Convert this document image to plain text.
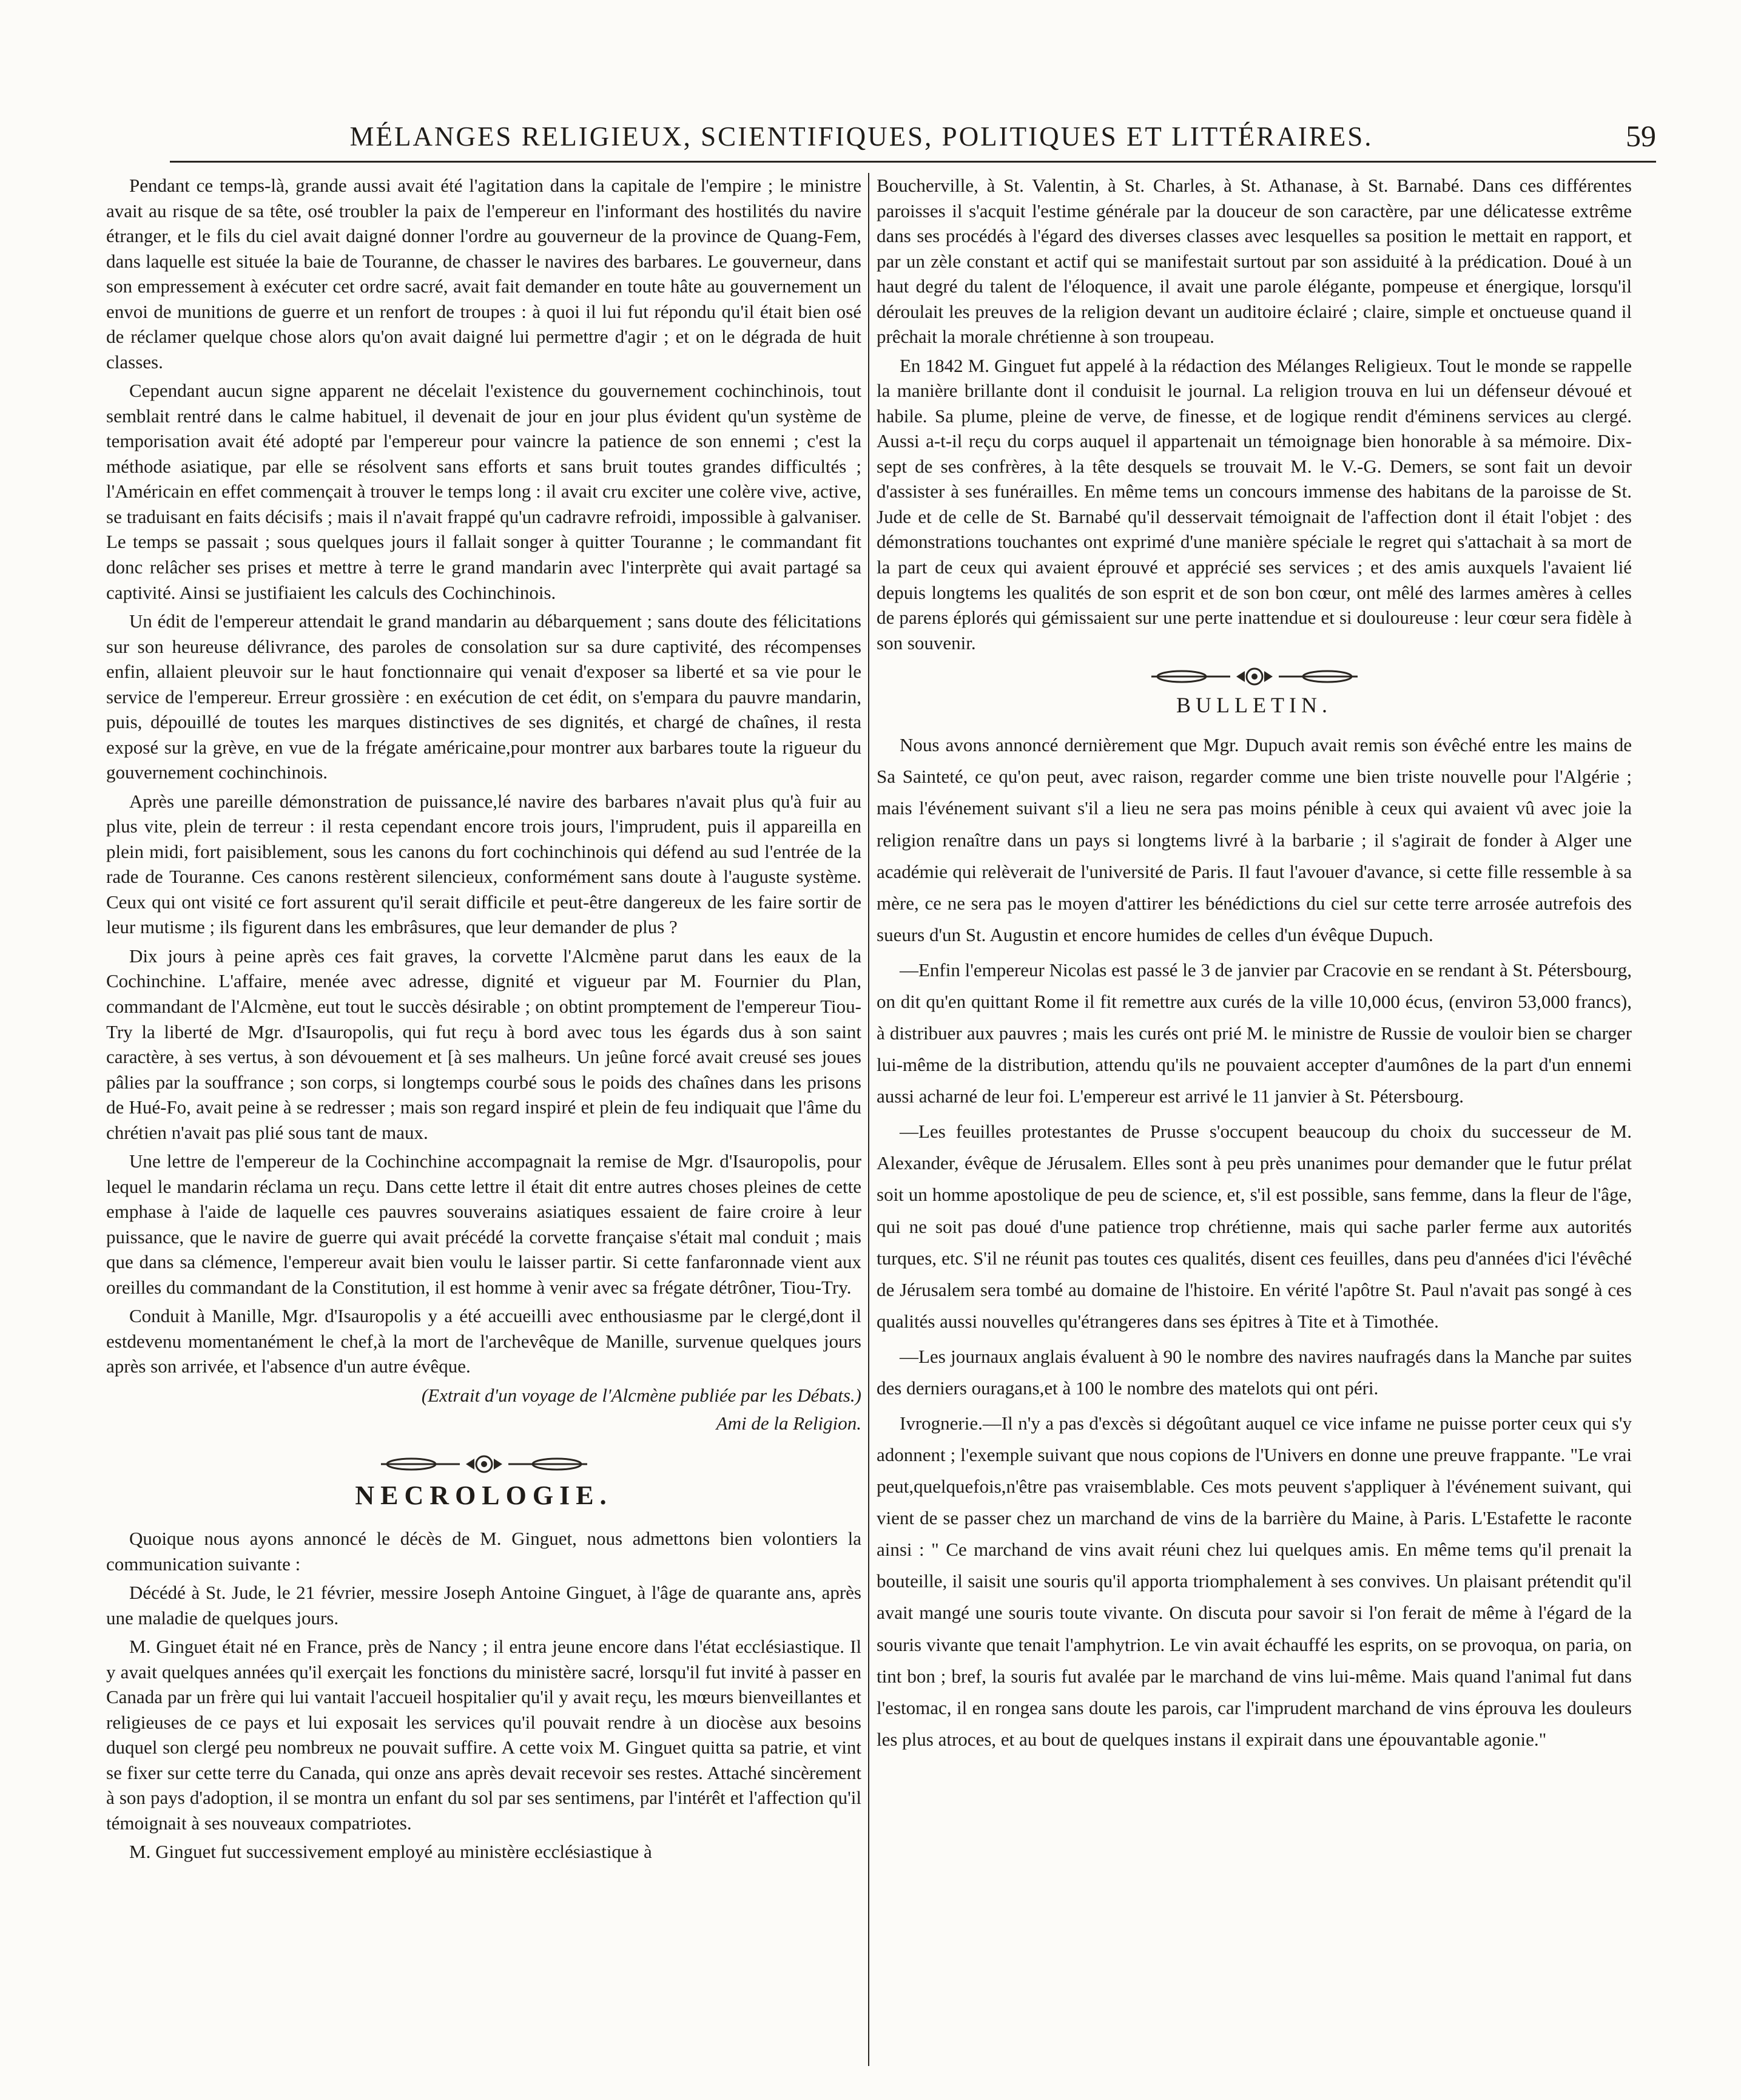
MÉLANGES RELIGIEUX, SCIENTIFIQUES, POLITIQUES ET LITTÉRAIRES.	59

Pendant ce temps-là, grande aussi avait été l'agitation dans la capitale de l'empire ; le ministre avait au risque de sa tête, osé troubler la paix de l'empereur en l'informant des hostilités du navire étranger, et le fils du ciel avait daigné donner l'ordre au gouverneur de la province de Quang-Fem, dans laquelle est située la baie de Touranne, de chasser le navires des barbares. Le gouverneur, dans son empressement à exécuter cet ordre sacré, avait fait demander en toute hâte au gouvernement un envoi de munitions de guerre et un renfort de troupes : à quoi il lui fut répondu qu'il était bien osé de réclamer quelque chose alors qu'on avait daigné lui permettre d'agir ; et on le dégrada de huit classes.

Cependant aucun signe apparent ne décelait l'existence du gouvernement cochinchinois, tout semblait rentré dans le calme habituel, il devenait de jour en jour plus évident qu'un système de temporisation avait été adopté par l'empereur pour vaincre la patience de son ennemi ; c'est la méthode asiatique, par elle se résolvent sans efforts et sans bruit toutes grandes difficultés ; l'Américain en effet commençait à trouver le temps long : il avait cru exciter une colère vive, active, se traduisant en faits décisifs ; mais il n'avait frappé qu'un cadravre refroidi, impossible à galvaniser. Le temps se passait ; sous quelques jours il fallait songer à quitter Touranne ; le commandant fit donc relâcher ses prises et mettre à terre le grand mandarin avec l'interprète qui avait partagé sa captivité. Ainsi se justifiaient les calculs des Cochinchinois.

Un édit de l'empereur attendait le grand mandarin au débarquement ; sans doute des félicitations sur son heureuse délivrance, des paroles de consolation sur sa dure captivité, des récompenses enfin, allaient pleuvoir sur le haut fonctionnaire qui venait d'exposer sa liberté et sa vie pour le service de l'empereur. Erreur grossière : en exécution de cet édit, on s'empara du pauvre mandarin, puis, dépouillé de toutes les marques distinctives de ses dignités, et chargé de chaînes, il resta exposé sur la grève, en vue de la frégate américaine,pour montrer aux barbares toute la rigueur du gouvernement cochinchinois.

Après une pareille démonstration de puissance,lé navire des barbares n'avait plus qu'à fuir au plus vite, plein de terreur : il resta cependant encore trois jours, l'imprudent, puis il appareilla en plein midi, fort paisiblement, sous les canons du fort cochinchinois qui défend au sud l'entrée de la rade de Touranne. Ces canons restèrent silencieux, conformément sans doute à l'auguste système. Ceux qui ont visité ce fort assurent qu'il serait difficile et peut-être dangereux de les faire sortir de leur mutisme ; ils figurent dans les embrâsures, que leur demander de plus ?

Dix jours à peine après ces fait graves, la corvette l'Alcmène parut dans les eaux de la Cochinchine. L'affaire, menée avec adresse, dignité et vigueur par M. Fournier du Plan, commandant de l'Alcmène, eut tout le succès désirable ; on obtint promptement de l'empereur Tiou-Try la liberté de Mgr. d'Isauropolis, qui fut reçu à bord avec tous les égards dus à son saint caractère, à ses vertus, à son dévouement et [à ses malheurs. Un jeûne forcé avait creusé ses joues pâlies par la souffrance ; son corps, si longtemps courbé sous le poids des chaînes dans les prisons de Hué-Fo, avait peine à se redresser ; mais son regard inspiré et plein de feu indiquait que l'âme du chrétien n'avait pas plié sous tant de maux.

Une lettre de l'empereur de la Cochinchine accompagnait la remise de Mgr. d'Isauropolis, pour lequel le mandarin réclama un reçu. Dans cette lettre il était dit entre autres choses pleines de cette emphase à l'aide de laquelle ces pauvres souverains asiatiques essaient de faire croire à leur puissance, que le navire de guerre qui avait précédé la corvette française s'était mal conduit ; mais que dans sa clémence, l'empereur avait bien voulu le laisser partir. Si cette fanfaronnade vient aux oreilles du commandant de la Constitution, il est homme à venir avec sa frégate détrôner, Tiou-Try.

Conduit à Manille, Mgr. d'Isauropolis y a été accueilli avec enthousiasme par le clergé,dont il estdevenu momentanément le chef,à la mort de l'archevêque de Manille, survenue quelques jours après son arrivée, et l'absence d'un autre évêque.

(Extrait d'un voyage de l'Alcmène publiée par les Débats.)
Ami de la Religion.
NECROLOGIE.

Quoique nous ayons annoncé le décès de M. Ginguet, nous admettons bien volontiers la communication suivante :

Décédé à St. Jude, le 21 février, messire Joseph Antoine Ginguet, à l'âge de quarante ans, après une maladie de quelques jours.

M. Ginguet était né en France, près de Nancy ; il entra jeune encore dans l'état ecclésiastique. Il y avait quelques années qu'il exerçait les fonctions du ministère sacré, lorsqu'il fut invité à passer en Canada par un frère qui lui vantait l'accueil hospitalier qu'il y avait reçu, les mœurs bienveillantes et religieuses de ce pays et lui exposait les services qu'il pouvait rendre à un diocèse aux besoins duquel son clergé peu nombreux ne pouvait suffire. A cette voix M. Ginguet quitta sa patrie, et vint se fixer sur cette terre du Canada, qui onze ans après devait recevoir ses restes. Attaché sincèrement à son pays d'adoption, il se montra un enfant du sol par ses sentimens, par l'intérêt et l'affection qu'il témoignait à ses nouveaux compatriotes.

M. Ginguet fut successivement employé au ministère ecclésiastique à

Boucherville, à St. Valentin, à St. Charles, à St. Athanase, à St. Barnabé. Dans ces différentes paroisses il s'acquit l'estime générale par la douceur de son caractère, par une délicatesse extrême dans ses procédés à l'égard des diverses classes avec lesquelles sa position le mettait en rapport, et par un zèle constant et actif qui se manifestait surtout par son assiduité à la prédication. Doué à un haut degré du talent de l'éloquence, il avait une parole élégante, pompeuse et énergique, lorsqu'il déroulait les preuves de la religion devant un auditoire éclairé ; claire, simple et onctueuse quand il prêchait la morale chrétienne à son troupeau.

En 1842 M. Ginguet fut appelé à la rédaction des Mélanges Religieux. Tout le monde se rappelle la manière brillante dont il conduisit le journal. La religion trouva en lui un défenseur dévoué et habile. Sa plume, pleine de verve, de finesse, et de logique rendit d'éminens services au clergé. Aussi a-t-il reçu du corps auquel il appartenait un témoignage bien honorable à sa mémoire. Dix-sept de ses confrères, à la tête desquels se trouvait M. le V.-G. Demers, se sont fait un devoir d'assister à ses funérailles. En même tems un concours immense des habitans de la paroisse de St. Jude et de celle de St. Barnabé qu'il desservait témoignait de l'affection dont il était l'objet : des démonstrations touchantes ont exprimé d'une manière spéciale le regret qui s'attachait à sa mort de la part de ceux qui avaient éprouvé et apprécié ses services ; et des amis auxquels l'avaient lié depuis longtems les qualités de son esprit et de son bon cœur, ont mêlé des larmes amères à celles de parens éplorés qui gémissaient sur une perte inattendue et si douloureuse : leur cœur sera fidèle à son souvenir.

BULLETIN.

Nous avons annoncé dernièrement que Mgr. Dupuch avait remis son évêché entre les mains de Sa Sainteté, ce qu'on peut, avec raison, regarder comme une bien triste nouvelle pour l'Algérie ; mais l'événement suivant s'il a lieu ne sera pas moins pénible à ceux qui avaient vû avec joie la religion renaître dans un pays si longtems livré à la barbarie ; il s'agirait de fonder à Alger une académie qui relèverait de l'université de Paris. Il faut l'avouer d'avance, si cette fille ressemble à sa mère, ce ne sera pas le moyen d'attirer les bénédictions du ciel sur cette terre arrosée autrefois des sueurs d'un St. Augustin et encore humides de celles d'un évêque Dupuch.

—Enfin l'empereur Nicolas est passé le 3 de janvier par Cracovie en se rendant à St. Pétersbourg, on dit qu'en quittant Rome il fit remettre aux curés de la ville 10,000 écus, (environ 53,000 francs), à distribuer aux pauvres ; mais les curés ont prié M. le ministre de Russie de vouloir bien se charger lui-même de la distribution, attendu qu'ils ne pouvaient accepter d'aumônes de la part d'un ennemi aussi acharné de leur foi. L'empereur est arrivé le 11 janvier à St. Pétersbourg.

—Les feuilles protestantes de Prusse s'occupent beaucoup du choix du successeur de M. Alexander, évêque de Jérusalem. Elles sont à peu près unanimes pour demander que le futur prélat soit un homme apostolique de peu de science, et, s'il est possible, sans femme, dans la fleur de l'âge, qui ne soit pas doué d'une patience trop chrétienne, mais qui sache parler ferme aux autorités turques, etc. S'il ne réunit pas toutes ces qualités, disent ces feuilles, dans peu d'années d'ici l'évêché de Jérusalem sera tombé au domaine de l'histoire. En vérité l'apôtre St. Paul n'avait pas songé à ces qualités aussi nouvelles qu'étrangeres dans ses épitres à Tite et à Timothée.

—Les journaux anglais évaluent à 90 le nombre des navires naufragés dans la Manche par suites des derniers ouragans,et à 100 le nombre des matelots qui ont péri.

Ivrognerie.—Il n'y a pas d'excès si dégoûtant auquel ce vice infame ne puisse porter ceux qui s'y adonnent ; l'exemple suivant que nous copions de l'Univers en donne une preuve frappante. "Le vrai peut,quelquefois,n'être pas vraisemblable. Ces mots peuvent s'appliquer à l'événement suivant, qui vient de se passer chez un marchand de vins de la barrière du Maine, à Paris. L'Estafette le raconte ainsi : " Ce marchand de vins avait réuni chez lui quelques amis. En même tems qu'il prenait la bouteille, il saisit une souris qu'il apporta triomphalement à ses convives. Un plaisant prétendit qu'il avait mangé une souris toute vivante. On discuta pour savoir si l'on ferait de même à l'égard de la souris vivante que tenait l'amphytrion. Le vin avait échauffé les esprits, on se provoqua, on paria, on tint bon ; bref, la souris fut avalée par le marchand de vins lui-même. Mais quand l'animal fut dans l'estomac, il en rongea sans doute les parois, car l'imprudent marchand de vins éprouva les douleurs les plus atroces, et au bout de quelques instans il expirait dans une épouvantable agonie."
